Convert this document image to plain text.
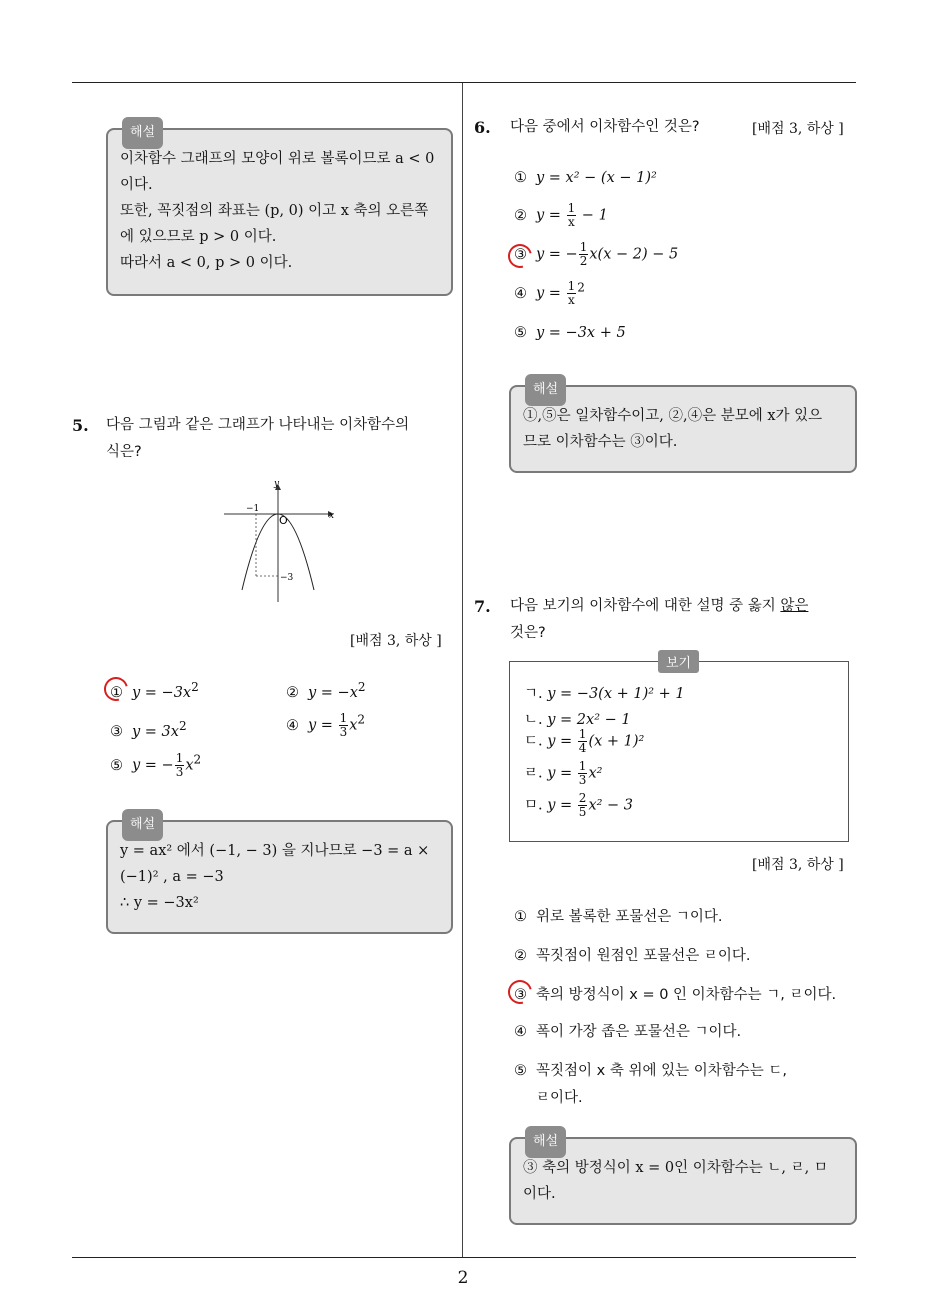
해설
이차함수 그래프의 모양이 위로 볼록이므로 a < 0
이다.
또한, 꼭짓점의 좌표는 (p, 0) 이고 x 축의 오른쪽
에 있으므로 p > 0 이다.
따라서 a < 0, p > 0 이다.
5. 다음 그림과 같은 그래프가 나타내는 이차함수의
식은?
y
x
O
−1
−3
[배점 3, 하상 ]
① $y = -3x^2$	② $y = -x^2$
③ $y = 3x^2$	④ $y = \frac{1}{3} x^2$
⑤ y = − $\frac{1}{3} x^2$
해설
y = ax² 에서 (−1, − 3) 을 지나므로 −3 = a ×
(−1)² , a = −3
∴ y = −3x²
6. 다음 중에서 이차함수인 것은?	[배점 3, 하상 ]
① y = x² − (x − 1)²
② $y = \frac{1}{x} - 1$
③ y = − $\frac{1}{2} x(x - 2) - 5$
④ $y = \frac{1}{x} ^2$
⑤ y = −3x + 5
해설
①,⑤은 일차함수이고, ②,④은 분모에 x가 있으
므로 이차함수는 ③이다.
7. 다음 보기의 이차함수에 대한 설명 중 옳지 않은
것은?
보기
ㄱ. y = −3(x + 1)² + 1
ㄴ. y = 2x² − 1
ㄷ. $y = \frac{1}{4} (x + 1)^2$
ㄹ. $y = \frac{1}{3} x^2$
ㅁ. $y = \frac{2}{5} x^2 - 3$
[배점 3, 하상 ]
① 위로 볼록한 포물선은 ㄱ이다.
② 꼭짓점이 원점인 포물선은 ㄹ이다.
③ 축의 방정식이 x = 0 인 이차함수는 ㄱ, ㄹ이다.
④ 폭이 가장 좁은 포물선은 ㄱ이다.
⑤ 꼭짓점이 x 축 위에 있는 이차함수는 ㄷ,
ㄹ이다.
해설
③ 축의 방정식이 x = 0인 이차함수는 ㄴ, ㄹ, ㅁ
이다.
2
